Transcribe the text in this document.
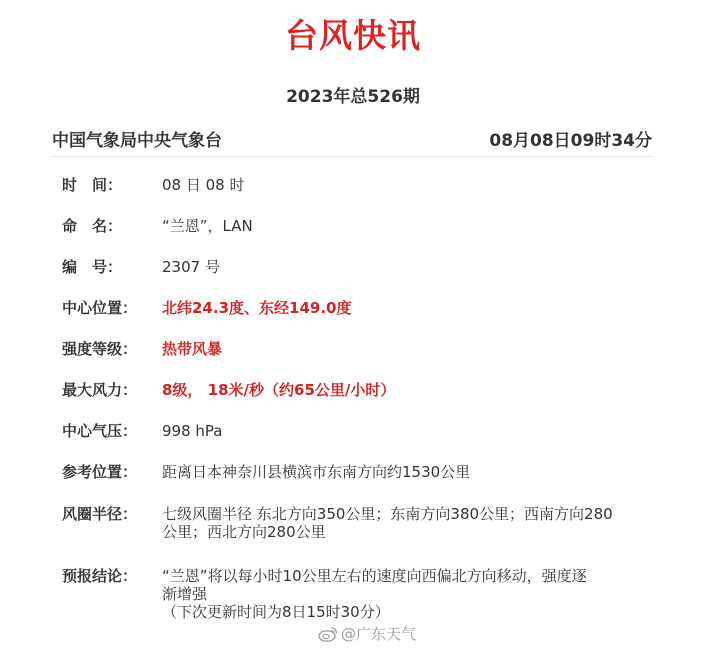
台风快讯
2023年总526期
中国气象局中央气象台	08月08日09时34分
时　间：	08 日 08 时
命　名：	“兰恩”，LAN
编　号：	2307 号
中心位置：	北纬24.3度、东经149.0度
强度等级：	热带风暴
最大风力：	8级， 18米/秒（约65公里/小时）
中心气压：	998 hPa
参考位置：	距离日本神奈川县横滨市东南方向约1530公里
风圈半径：	七级风圈半径 东北方向350公里；东南方向380公里；西南方向280
公里；西北方向280公里
预报结论：	“兰恩”将以每小时10公里左右的速度向西偏北方向移动，强度逐
渐增强
（下次更新时间为8日15时30分）
@广东天气
